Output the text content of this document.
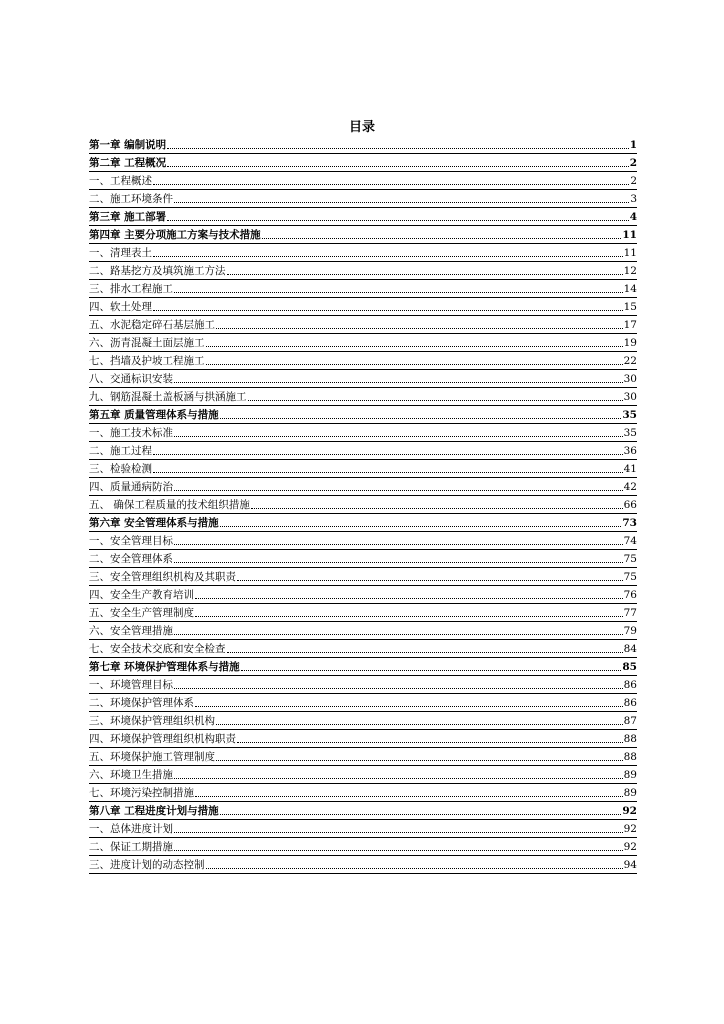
目录
第一章 编制说明	1
第二章 工程概况	2
一、工程概述	2
二、施工环境条件	3
第三章 施工部署	4
第四章 主要分项施工方案与技术措施	11
一、清理表土	11
二、路基挖方及填筑施工方法	12
三、排水工程施工	14
四、软土处理	15
五、水泥稳定碎石基层施工	17
六、沥青混凝土面层施工	19
七、挡墙及护坡工程施工	22
八、交通标识安装	30
九、钢筋混凝土盖板涵与拱涵施工	30
第五章 质量管理体系与措施	35
一、施工技术标准	35
二、施工过程	36
三、检验检测	41
四、质量通病防治	42
五、 确保工程质量的技术组织措施	66
第六章 安全管理体系与措施	73
一、安全管理目标	74
二、安全管理体系	75
三、安全管理组织机构及其职责	75
四、安全生产教育培训	76
五、安全生产管理制度	77
六、安全管理措施	79
七、安全技术交底和安全检查	84
第七章 环境保护管理体系与措施	85
一、环境管理目标	86
二、环境保护管理体系	86
三、环境保护管理组织机构	87
四、环境保护管理组织机构职责	88
五、环境保护施工管理制度	88
六、环境卫生措施	89
七、环境污染控制措施	89
第八章 工程进度计划与措施	92
一、总体进度计划	92
二、保证工期措施	92
三、进度计划的动态控制	94
